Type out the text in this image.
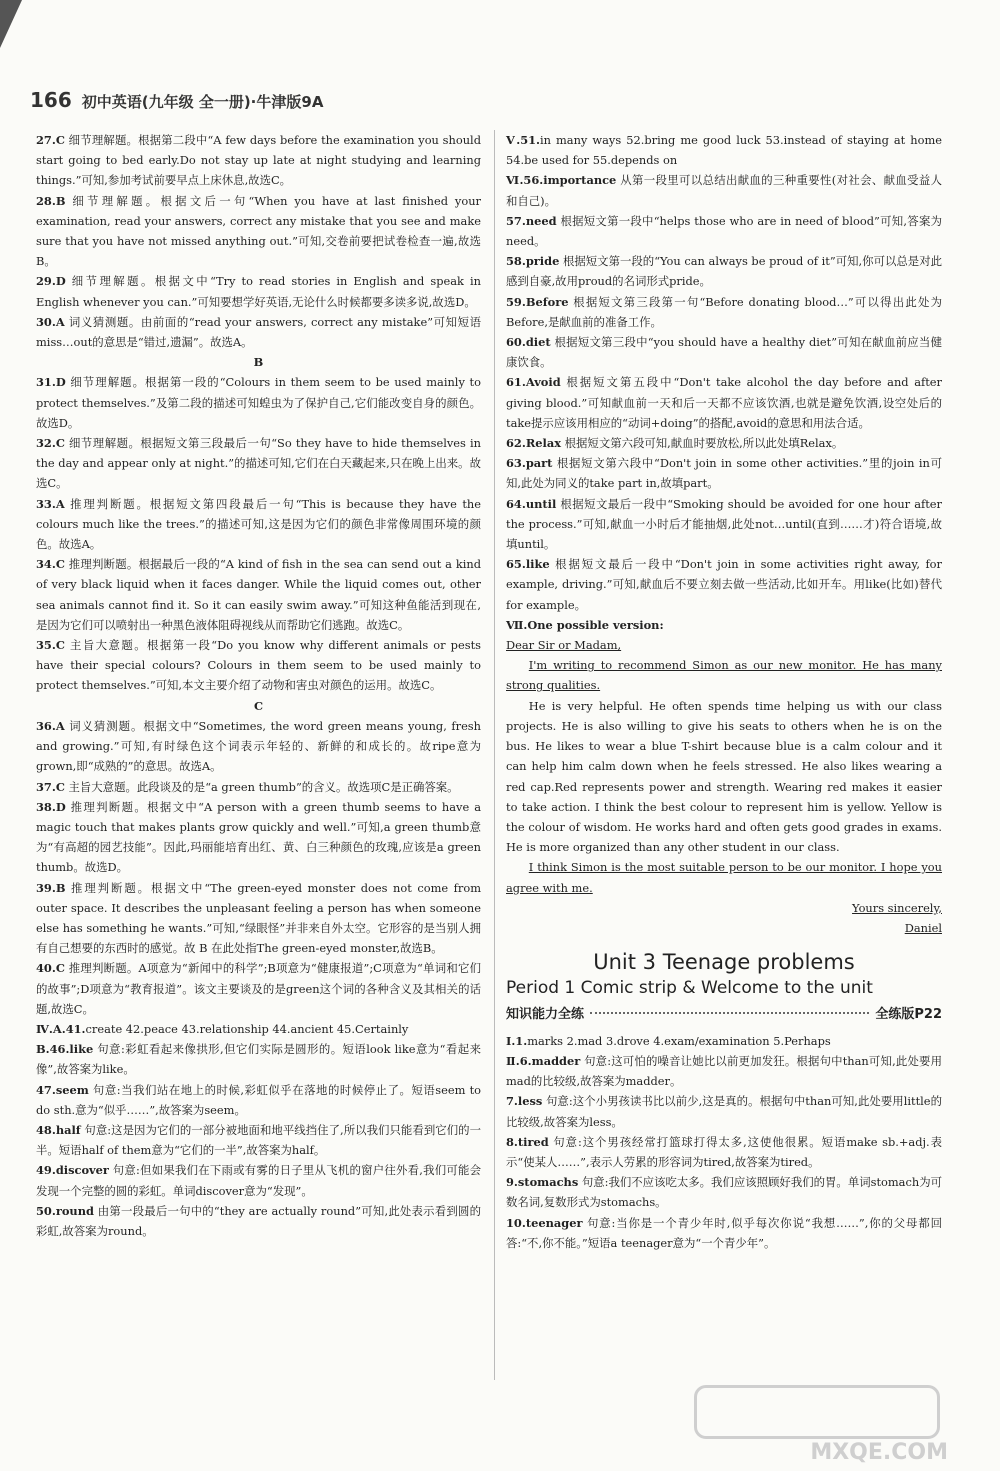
166 初中英语(九年级 全一册)·牛津版9A
27.C 细节理解题。根据第二段中“A few days before the examination you should start going to bed early.Do not stay up late at night studying and learning things.”可知,参加考试前要早点上床休息,故选C。
28.B 细节理解题。根据文后一句“When you have at last finished your examination, read your answers, correct any mistake that you see and make sure that you have not missed anything out.”可知,交卷前要把试卷检查一遍,故选B。
29.D 细节理解题。根据文中“Try to read stories in English and speak in English whenever you can.”可知要想学好英语,无论什么时候都要多读多说,故选D。
30.A 词义猜测题。由前面的“read your answers, correct any mistake”可知短语miss…out的意思是“错过,遗漏”。故选A。
B
31.D 细节理解题。根据第一段的“Colours in them seem to be used mainly to protect themselves.”及第二段的描述可知蝗虫为了保护自己,它们能改变自身的颜色。故选D。
32.C 细节理解题。根据短文第三段最后一句“So they have to hide themselves in the day and appear only at night.”的描述可知,它们在白天藏起来,只在晚上出来。故选C。
33.A 推理判断题。根据短文第四段最后一句“This is because they have the colours much like the trees.”的描述可知,这是因为它们的颜色非常像周围环境的颜色。故选A。
34.C 推理判断题。根据最后一段的“A kind of fish in the sea can send out a kind of very black liquid when it faces danger. While the liquid comes out, other sea animals cannot find it. So it can easily swim away.”可知这种鱼能活到现在,是因为它们可以喷射出一种黑色液体阻碍视线从而帮助它们逃跑。故选C。
35.C 主旨大意题。根据第一段“Do you know why different animals or pests have their special colours? Colours in them seem to be used mainly to protect themselves.”可知,本文主要介绍了动物和害虫对颜色的运用。故选C。
C
36.A 词义猜测题。根据文中“Sometimes, the word green means young, fresh and growing.”可知,有时绿色这个词表示年轻的、新鲜的和成长的。故ripe意为grown,即“成熟的”的意思。故选A。
37.C 主旨大意题。此段谈及的是“a green thumb”的含义。故选项C是正确答案。
38.D 推理判断题。根据文中“A person with a green thumb seems to have a magic touch that makes plants grow quickly and well.”可知,a green thumb意为“有高超的园艺技能”。因此,玛丽能培育出红、黄、白三种颜色的玫瑰,应该是a green thumb。故选D。
39.B 推理判断题。根据文中“The green-eyed monster does not come from outer space. It describes the unpleasant feeling a person has when someone else has something he wants.”可知,“绿眼怪”并非来自外太空。它形容的是当别人拥有自己想要的东西时的感觉。故 B 在此处指The green-eyed monster,故选B。
40.C 推理判断题。A项意为“新闻中的科学”;B项意为“健康报道”;C项意为“单词和它们的故事”;D项意为“教育报道”。该文主要谈及的是green这个词的各种含义及其相关的话题,故选C。
Ⅳ.A.41.create 42.peace 43.relationship 44.ancient 45.Certainly
B.46.like 句意:彩虹看起来像拱形,但它们实际是圆形的。短语look like意为“看起来像”,故答案为like。
47.seem 句意:当我们站在地上的时候,彩虹似乎在落地的时候停止了。短语seem to do sth.意为“似乎……”,故答案为seem。
48.half 句意:这是因为它们的一部分被地面和地平线挡住了,所以我们只能看到它们的一半。短语half of them意为“它们的一半”,故答案为half。
49.discover 句意:但如果我们在下雨或有雾的日子里从飞机的窗户往外看,我们可能会发现一个完整的圆的彩虹。单词discover意为“发现”。
50.round 由第一段最后一句中的“they are actually round”可知,此处表示看到圆的彩虹,故答案为round。
Ⅴ.51.in many ways 52.bring me good luck 53.instead of staying at home 54.be used for 55.depends on
Ⅵ.56.importance 从第一段里可以总结出献血的三种重要性(对社会、献血受益人和自己)。
57.need 根据短文第一段中“helps those who are in need of blood”可知,答案为need。
58.pride 根据短文第一段的“You can always be proud of it”可知,你可以总是对此感到自豪,故用proud的名词形式pride。
59.Before 根据短文第三段第一句“Before donating blood…”可以得出此处为Before,是献血前的准备工作。
60.diet 根据短文第三段中“you should have a healthy diet”可知在献血前应当健康饮食。
61.Avoid 根据短文第五段中“Don't take alcohol the day before and after giving blood.”可知献血前一天和后一天都不应该饮酒,也就是避免饮酒,设空处后的take提示应该用相应的“动词+doing”的搭配,avoid的意思和用法合适。
62.Relax 根据短文第六段可知,献血时要放松,所以此处填Relax。
63.part 根据短文第六段中“Don't join in some other activities.”里的join in可知,此处为同义的take part in,故填part。
64.until 根据短文最后一段中“Smoking should be avoided for one hour after the process.”可知,献血一小时后才能抽烟,此处not…until(直到……才)符合语境,故填until。
65.like 根据短文最后一段中“Don't join in some activities right away, for example, driving.”可知,献血后不要立刻去做一些活动,比如开车。用like(比如)替代for example。
Ⅶ.One possible version:
Dear Sir or Madam,
I'm writing to recommend Simon as our new monitor. He has many strong qualities.
He is very helpful. He often spends time helping us with our class projects. He is also willing to give his seats to others when he is on the bus. He likes to wear a blue T-shirt because blue is a calm colour and it can help him calm down when he feels stressed. He also likes wearing a red cap.Red represents power and strength. Wearing red makes it easier to take action. I think the best colour to represent him is yellow. Yellow is the colour of wisdom. He works hard and often gets good grades in exams. He is more organized than any other student in our class.
I think Simon is the most suitable person to be our monitor. I hope you agree with me.
Yours sincerely,
Daniel
Unit 3 Teenage problems
Period 1 Comic strip & Welcome to the unit
知识能力全练	全练版P22
Ⅰ.1.marks 2.mad 3.drove 4.exam/examination 5.Perhaps
Ⅱ.6.madder 句意:这可怕的噪音让她比以前更加发狂。根据句中than可知,此处要用mad的比较级,故答案为madder。
7.less 句意:这个小男孩读书比以前少,这是真的。根据句中than可知,此处要用little的比较级,故答案为less。
8.tired 句意:这个男孩经常打篮球打得太多,这使他很累。短语make sb.+adj.表示“使某人……”,表示人劳累的形容词为tired,故答案为tired。
9.stomachs 句意:我们不应该吃太多。我们应该照顾好我们的胃。单词stomach为可数名词,复数形式为stomachs。
10.teenager 句意:当你是一个青少年时,似乎每次你说“我想……”,你的父母都回答:“不,你不能。”短语a teenager意为“一个青少年”。
MXQE.COM
